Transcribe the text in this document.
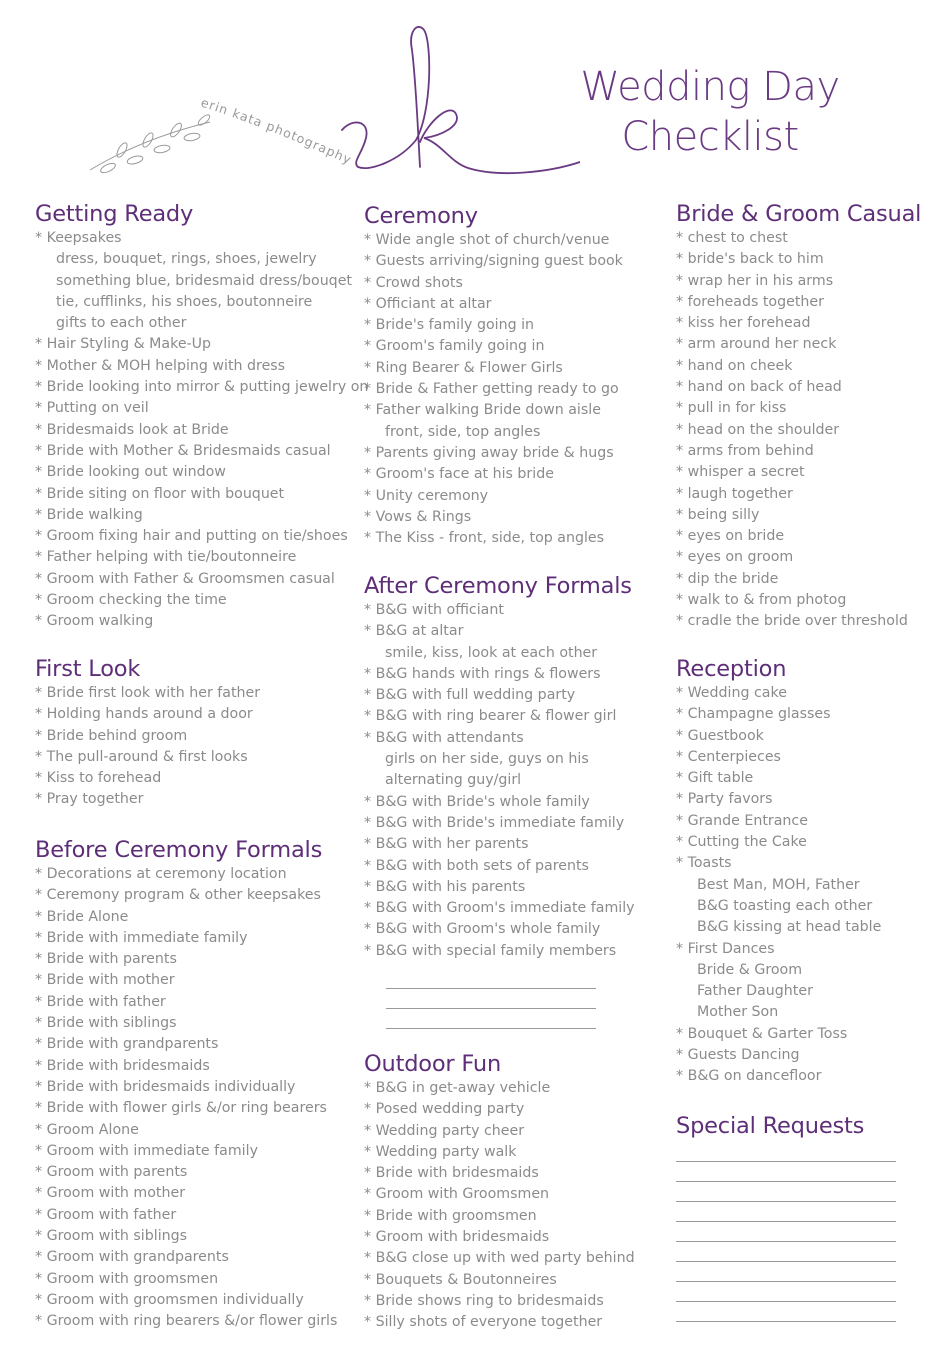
erin kata photography
Wedding Day
Checklist
Getting Ready
* Keepsakes
dress, bouquet, rings, shoes, jewelry
something blue, bridesmaid dress/bouqet
tie, cufflinks, his shoes, boutonneire
gifts to each other
* Hair Styling & Make-Up
* Mother & MOH helping with dress
* Bride looking into mirror & putting jewelry on
* Putting on veil
* Bridesmaids look at Bride
* Bride with Mother & Bridesmaids casual
* Bride looking out window
* Bride siting on floor with bouquet
* Bride walking
* Groom fixing hair and putting on tie/shoes
* Father helping with tie/boutonneire
* Groom with Father & Groomsmen casual
* Groom checking the time
* Groom walking
First Look
* Bride first look with her father
* Holding hands around a door
* Bride behind groom
* The pull-around & first looks
* Kiss to forehead
* Pray together
Before Ceremony Formals
* Decorations at ceremony location
* Ceremony program & other keepsakes
* Bride Alone
* Bride with immediate family
* Bride with parents
* Bride with mother
* Bride with father
* Bride with siblings
* Bride with grandparents
* Bride with bridesmaids
* Bride with bridesmaids individually
* Bride with flower girls &/or ring bearers
* Groom Alone
* Groom with immediate family
* Groom with parents
* Groom with mother
* Groom with father
* Groom with siblings
* Groom with grandparents
* Groom with groomsmen
* Groom with groomsmen individually
* Groom with ring bearers &/or flower girls
Ceremony
* Wide angle shot of church/venue
* Guests arriving/signing guest book
* Crowd shots
* Officiant at altar
* Bride's family going in
* Groom's family going in
* Ring Bearer & Flower Girls
* Bride & Father getting ready to go
* Father walking Bride down aisle
front, side, top angles
* Parents giving away bride & hugs
* Groom's face at his bride
* Unity ceremony
* Vows & Rings
* The Kiss - front, side, top angles
After Ceremony Formals
* B&G with officiant
* B&G at altar
smile, kiss, look at each other
* B&G hands with rings & flowers
* B&G with full wedding party
* B&G with ring bearer & flower girl
* B&G with attendants
girls on her side, guys on his
alternating guy/girl
* B&G with Bride's whole family
* B&G with Bride's immediate family
* B&G with her parents
* B&G with both sets of parents
* B&G with his parents
* B&G with Groom's immediate family
* B&G with Groom's whole family
* B&G with special family members
Outdoor Fun
* B&G in get-away vehicle
* Posed wedding party
* Wedding party cheer
* Wedding party walk
* Bride with bridesmaids
* Groom with Groomsmen
* Bride with groomsmen
* Groom with bridesmaids
* B&G close up with wed party behind
* Bouquets & Boutonneires
* Bride shows ring to bridesmaids
* Silly shots of everyone together
Bride & Groom Casual
* chest to chest
* bride's back to him
* wrap her in his arms
* foreheads together
* kiss her forehead
* arm around her neck
* hand on cheek
* hand on back of head
* pull in for kiss
* head on the shoulder
* arms from behind
* whisper a secret
* laugh together
* being silly
* eyes on bride
* eyes on groom
* dip the bride
* walk to & from photog
* cradle the bride over threshold
Reception
* Wedding cake
* Champagne glasses
* Guestbook
* Centerpieces
* Gift table
* Party favors
* Grande Entrance
* Cutting the Cake
* Toasts
Best Man, MOH, Father
B&G toasting each other
B&G kissing at head table
* First Dances
Bride & Groom
Father Daughter
Mother Son
* Bouquet & Garter Toss
* Guests Dancing
* B&G on dancefloor
Special Requests
